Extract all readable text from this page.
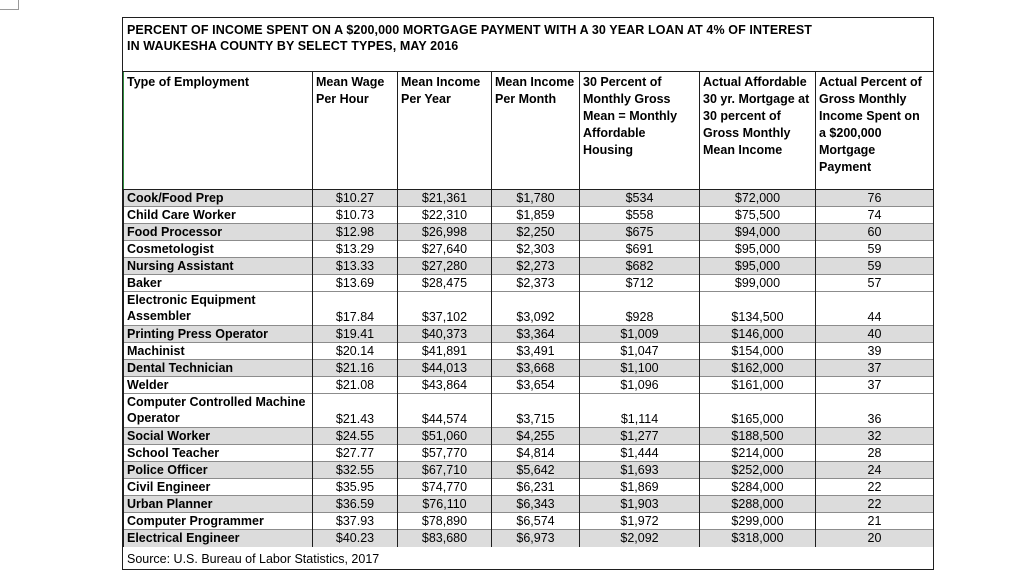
PERCENT OF INCOME SPENT ON A $200,000 MORTGAGE PAYMENT WITH A 30 YEAR LOAN AT 4% OF INTEREST
IN WAUKESHA COUNTY BY SELECT TYPES, MAY 2016
Type of Employment	Mean Wage Per Hour	Mean Income Per Year	Mean Income Per Month	30 Percent of Monthly Gross Mean = Monthly Affordable Housing	Actual Affordable 30 yr. Mortgage at 30 percent of Gross Monthly Mean Income	Actual Percent of Gross Monthly Income Spent on a $200,000 Mortgage Payment
Cook/Food Prep	$10.27	$21,361	$1,780	$534	$72,000	76
Child Care Worker	$10.73	$22,310	$1,859	$558	$75,500	74
Food Processor	$12.98	$26,998	$2,250	$675	$94,000	60
Cosmetologist	$13.29	$27,640	$2,303	$691	$95,000	59
Nursing Assistant	$13.33	$27,280	$2,273	$682	$95,000	59
Baker	$13.69	$28,475	$2,373	$712	$99,000	57
Electronic Equipment Assembler	$17.84	$37,102	$3,092	$928	$134,500	44
Printing Press Operator	$19.41	$40,373	$3,364	$1,009	$146,000	40
Machinist	$20.14	$41,891	$3,491	$1,047	$154,000	39
Dental Technician	$21.16	$44,013	$3,668	$1,100	$162,000	37
Welder	$21.08	$43,864	$3,654	$1,096	$161,000	37
Computer Controlled Machine Operator	$21.43	$44,574	$3,715	$1,114	$165,000	36
Social Worker	$24.55	$51,060	$4,255	$1,277	$188,500	32
School Teacher	$27.77	$57,770	$4,814	$1,444	$214,000	28
Police Officer	$32.55	$67,710	$5,642	$1,693	$252,000	24
Civil Engineer	$35.95	$74,770	$6,231	$1,869	$284,000	22
Urban Planner	$36.59	$76,110	$6,343	$1,903	$288,000	22
Computer Programmer	$37.93	$78,890	$6,574	$1,972	$299,000	21
Electrical Engineer	$40.23	$83,680	$6,973	$2,092	$318,000	20
Source: U.S. Bureau of Labor Statistics, 2017
